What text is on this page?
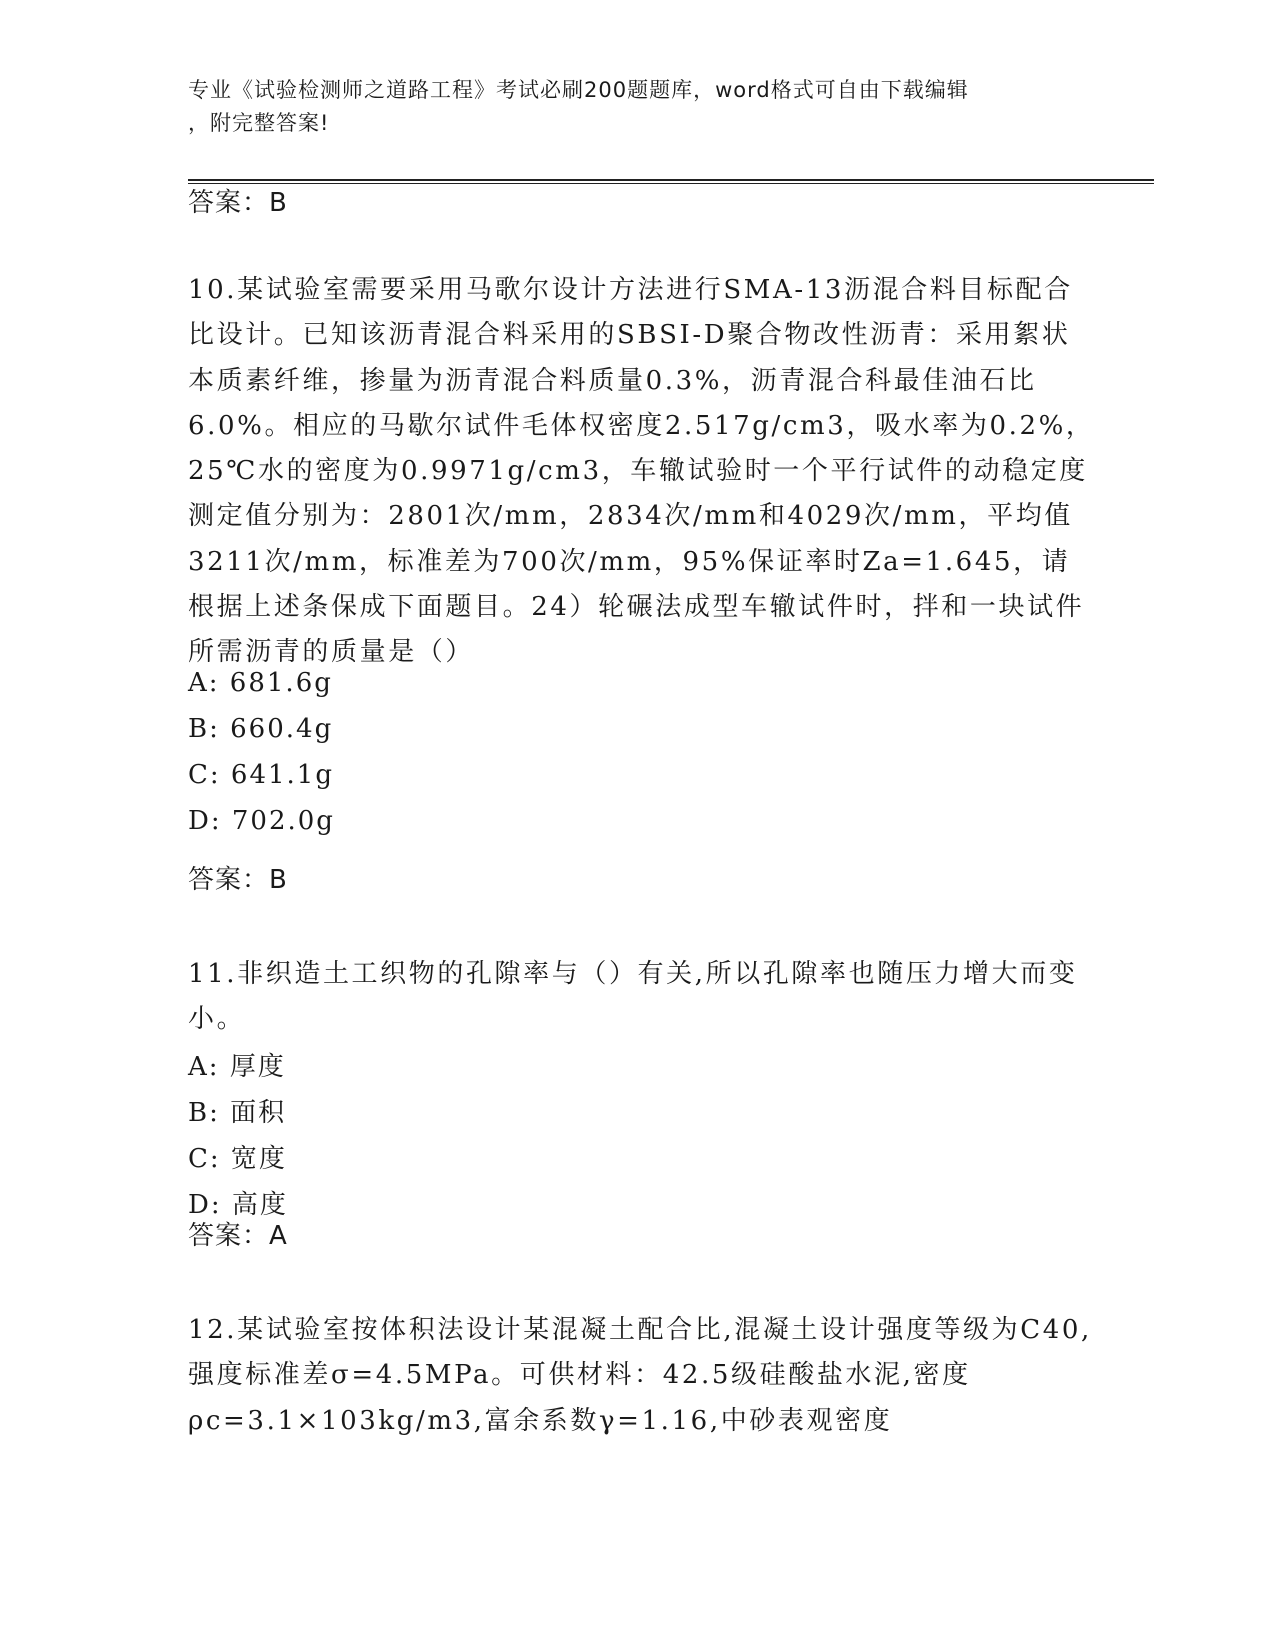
专业《试验检测师之道路工程》考试必刷200题题库，word格式可自由下载编辑
，附完整答案!
答案：B
10.某试验室需要采用马歌尔设计方法进行SMA-13沥混合料目标配合比设计。已知该沥青混合料采用的SBSI-D聚合物改性沥青：采用絮状本质素纤维，掺量为沥青混合料质量0.3%，沥青混合科最佳油石比6.0%。相应的马歇尔试件毛体权密度2.517g/cm3，吸水率为0.2%，25℃水的密度为0.9971g/cm3，车辙试验时一个平行试件的动稳定度测定值分别为：2801次/mm，2834次/mm和4029次/mm，平均值3211次/mm，标准差为700次/mm，95%保证率时Za=1.645，请根据上述条保成下面题目。24）轮碾法成型车辙试件时，拌和一块试件所需沥青的质量是（）
A: 681.6g
B: 660.4g
C: 641.1g
D: 702.0g
答案：B
11.非织造土工织物的孔隙率与（）有关,所以孔隙率也随压力增大而变小。
A: 厚度
B: 面积
C: 宽度
D: 高度
答案：A
12.某试验室按体积法设计某混凝土配合比,混凝土设计强度等级为C40,强度标准差σ=4.5MPa。可供材料：42.5级硅酸盐水泥,密度ρc=3.1×103kg/m3,富余系数γ=1.16,中砂表观密度
